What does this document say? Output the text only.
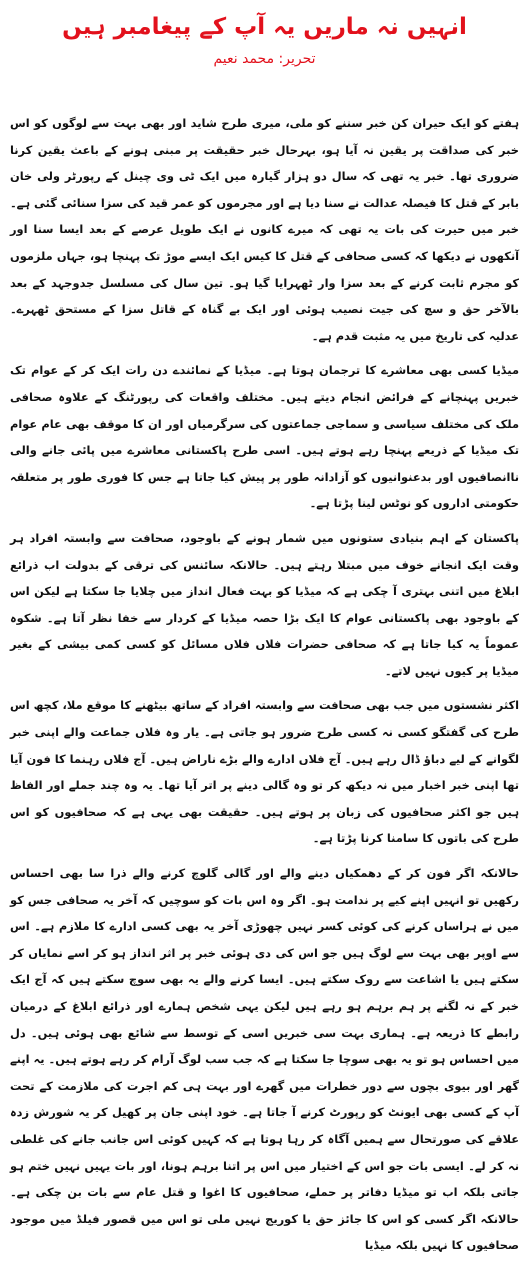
انہیں نہ ماریں یہ آپ کے پیغامبر ہیں
تحریر: محمد نعیم

ہفتے کو ایک حیران کن خبر سننے کو ملی، میری طرح شاید اور بھی بہت سے لوگوں کو اس خبر کی صداقت پر یقین نہ آیا ہو، بہرحال خبر حقیقت پر مبنی ہونے کے باعث یقین کرنا ضروری تھا۔ خبر یہ تھی کہ سال دو ہزار گیارہ میں ایک ٹی وی چینل کے رپورٹر ولی خان بابر کے قتل کا فیصلہ عدالت نے سنا دیا ہے اور مجرموں کو عمر قید کی سزا سنائی گئی ہے۔ خبر میں حیرت کی بات یہ تھی کہ میرے کانوں نے ایک طویل عرصے کے بعد ایسا سنا اور آنکھوں نے دیکھا کہ کسی صحافی کے قتل کا کیس ایک ایسے موڑ تک پہنچا ہو، جہاں ملزموں کو مجرم ثابت کرنے کے بعد سزا وار ٹھہرایا گیا ہو۔ تین سال کی مسلسل جدوجہد کے بعد بالآخر حق و سچ کی جیت نصیب ہوئی اور ایک بے گناہ کے قاتل سزا کے مستحق ٹھہرے۔ عدلیہ کی تاریخ میں یہ مثبت قدم ہے۔

میڈیا کسی بھی معاشرے کا ترجمان ہوتا ہے۔ میڈیا کے نمائندے دن رات ایک کر کے عوام تک خبریں پہنچانے کے فرائض انجام دیتے ہیں۔ مختلف واقعات کی رپورٹنگ کے علاوہ صحافی ملک کی مختلف سیاسی و سماجی جماعتوں کی سرگرمیاں اور ان کا موقف بھی عام عوام تک میڈیا کے ذریعے پہنچا رہے ہوتے ہیں۔ اسی طرح پاکستانی معاشرے میں پائی جانے والی ناانصافیوں اور بدعنوانیوں کو آزادانہ طور پر پیش کیا جاتا ہے جس کا فوری طور پر متعلقہ حکومتی اداروں کو نوٹس لینا پڑتا ہے۔

پاکستان کے اہم بنیادی ستونوں میں شمار ہونے کے باوجود، صحافت سے وابستہ افراد ہر وقت ایک انجانے خوف میں مبتلا رہتے ہیں۔ حالانکہ سائنس کی ترقی کے بدولت اب ذرائع ابلاغ میں اتنی بہتری آ چکی ہے کہ میڈیا کو بہت فعال انداز میں چلایا جا سکتا ہے لیکن اس کے باوجود بھی پاکستانی عوام کا ایک بڑا حصہ میڈیا کے کردار سے خفا نظر آتا ہے۔ شکوہ عموماً یہ کیا جاتا ہے کہ صحافی حضرات فلاں فلاں مسائل کو کسی کمی بیشی کے بغیر میڈیا پر کیوں نہیں لاتے۔

اکثر نشستوں میں جب بھی صحافت سے وابستہ افراد کے ساتھ بیٹھنے کا موقع ملا، کچھ اس طرح کی گفتگو کسی نہ کسی طرح ضرور ہو جاتی ہے۔ یار وہ فلاں جماعت والے اپنی خبر لگوانے کے لیے دباؤ ڈال رہے ہیں۔ آج فلاں ادارے والے بڑے ناراض ہیں۔ آج فلاں رہنما کا فون آیا تھا اپنی خبر اخبار میں نہ دیکھ کر تو وہ گالی دینے پر اتر آیا تھا۔ یہ وہ چند جملے اور الفاظ ہیں جو اکثر صحافیوں کی زبان پر ہوتے ہیں۔ حقیقت بھی یہی ہے کہ صحافیوں کو اس طرح کی باتوں کا سامنا کرنا پڑتا ہے۔

حالانکہ اگر فون کر کے دھمکیاں دینے والے اور گالی گلوچ کرنے والے ذرا سا بھی احساس رکھیں تو انہیں اپنے کیے پر ندامت ہو۔ اگر وہ اس بات کو سوچیں کہ آخر یہ صحافی جس کو میں نے ہراساں کرنے کی کوئی کسر نہیں چھوڑی آخر یہ بھی کسی ادارے کا ملازم ہے۔ اس سے اوپر بھی بہت سے لوگ ہیں جو اس کی دی ہوئی خبر پر اثر انداز ہو کر اسے نمایاں کر سکتے ہیں یا اشاعت سے روک سکتے ہیں۔ ایسا کرنے والے یہ بھی سوچ سکتے ہیں کہ آج ایک خبر کے نہ لگنے پر ہم برہم ہو رہے ہیں لیکن یہی شخص ہمارے اور ذرائع ابلاغ کے درمیان رابطے کا ذریعہ ہے۔ ہماری بہت سی خبریں اسی کے توسط سے شائع بھی ہوئی ہیں۔ دل میں احساس ہو تو یہ بھی سوچا جا سکتا ہے کہ جب سب لوگ آرام کر رہے ہوتے ہیں۔ یہ اپنے گھر اور بیوی بچوں سے دور خطرات میں گھرے اور بہت ہی کم اجرت کی ملازمت کے تحت آپ کے کسی بھی ایونٹ کو رپورٹ کرنے آ جاتا ہے۔ خود اپنی جان پر کھیل کر یہ شورش زدہ علاقے کی صورتحال سے ہمیں آگاہ کر رہا ہوتا ہے کہ کہیں کوئی اس جانب جانے کی غلطی نہ کر لے۔ ایسی بات جو اس کے اختیار میں اس پر اتنا برہم ہونا، اور بات یہیں نہیں ختم ہو جاتی بلکہ اب تو میڈیا دفاتر پر حملے، صحافیوں کا اغوا و قتل عام سے بات بن چکی ہے۔ حالانکہ اگر کسی کو اس کا جائز حق یا کوریج نہیں ملی تو اس میں قصور فیلڈ میں موجود صحافیوں کا نہیں بلکہ میڈیا
